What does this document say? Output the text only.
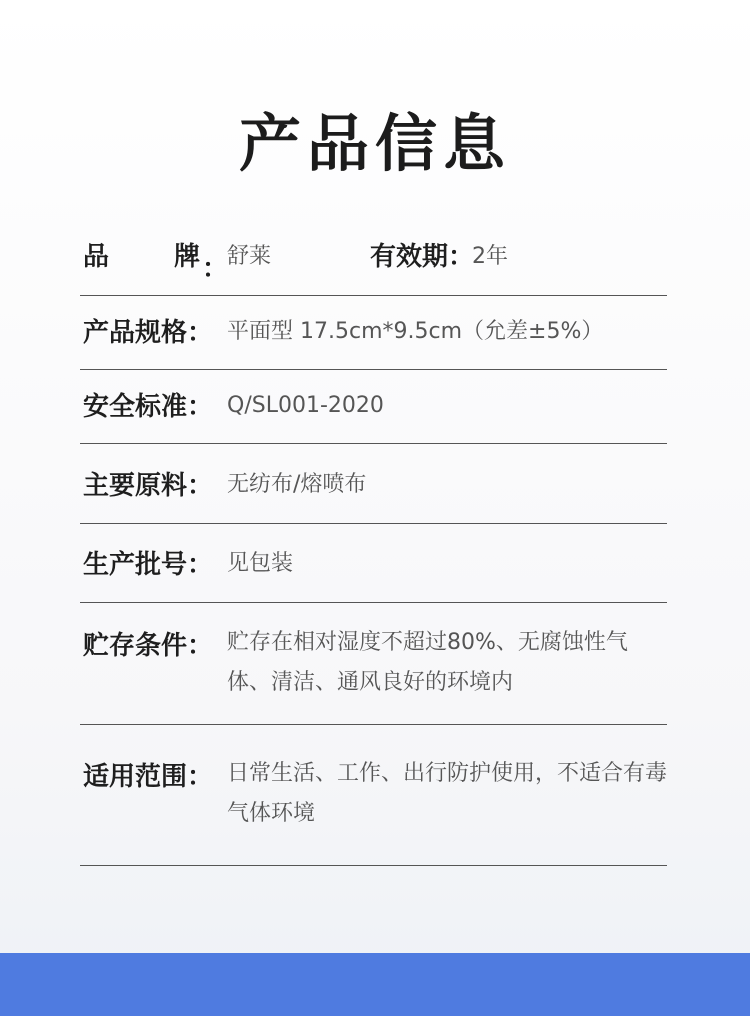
产品信息
品 牌 ：
舒莱	有效期：
2年
产品规格： 平面型 17.5cm*9.5cm（允差±5%）
安全标准： Q/SL001-2020
主要原料： 无纺布/熔喷布
生产批号： 见包装
贮存条件： 贮存在相对湿度不超过80%、无腐蚀性气体、清洁、通风良好的环境内
适用范围： 日常生活、工作、出行防护使用，不适合有毒气体环境
